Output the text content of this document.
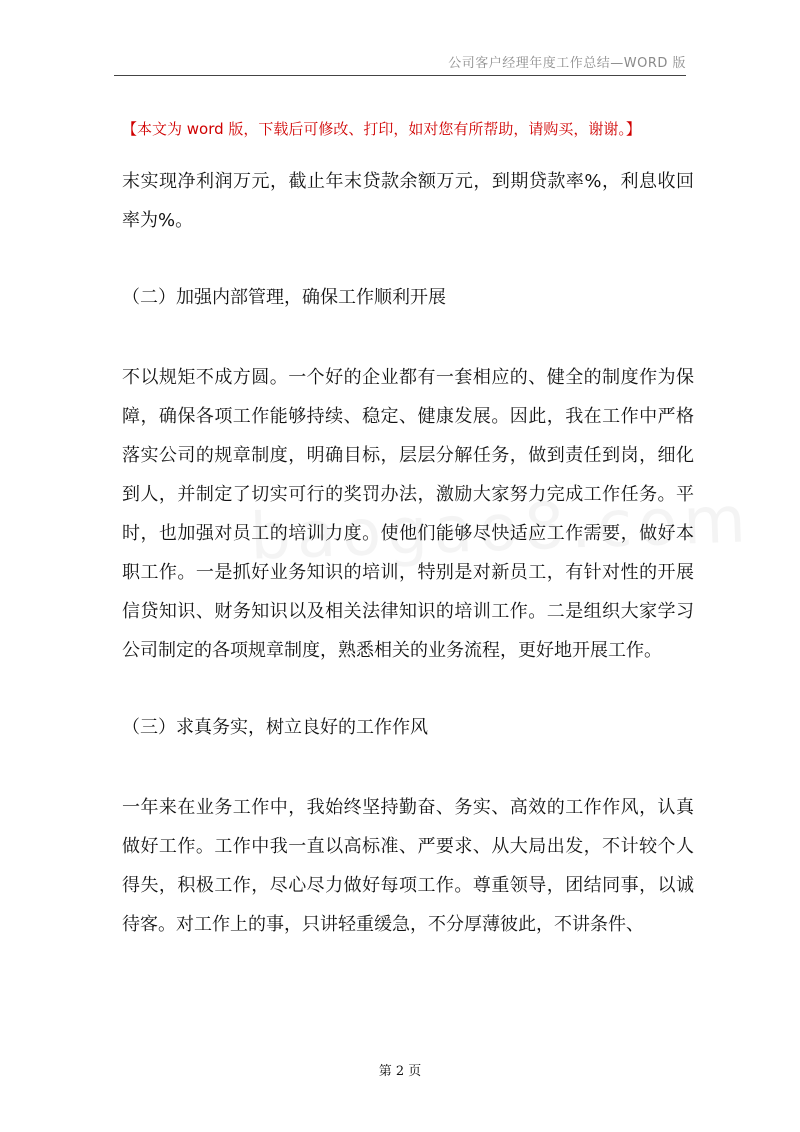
公司客户经理年度工作总结—WORD 版
【本文为 word 版，下载后可修改、打印，如对您有所帮助，请购买，谢谢。】

末实现净利润万元，截止年末贷款余额万元，到期贷款率%，利息收回率为%。

（二）加强内部管理，确保工作顺利开展

不以规矩不成方圆。一个好的企业都有一套相应的、健全的制度作为保障，确保各项工作能够持续、稳定、健康发展。因此，我在工作中严格落实公司的规章制度，明确目标，层层分解任务，做到责任到岗，细化到人，并制定了切实可行的奖罚办法，激励大家努力完成工作任务。平时，也加强对员工的培训力度。使他们能够尽快适应工作需要，做好本职工作。一是抓好业务知识的培训，特别是对新员工，有针对性的开展信贷知识、财务知识以及相关法律知识的培训工作。二是组织大家学习公司制定的各项规章制度，熟悉相关的业务流程，更好地开展工作。

（三）求真务实，树立良好的工作作风

一年来在业务工作中，我始终坚持勤奋、务实、高效的工作作风，认真做好工作。工作中我一直以高标准、严要求、从大局出发，不计较个人得失，积极工作，尽心尽力做好每项工作。尊重领导，团结同事，以诚待客。对工作上的事，只讲轻重缓急，不分厚薄彼此，不讲条件、

第 2 页
